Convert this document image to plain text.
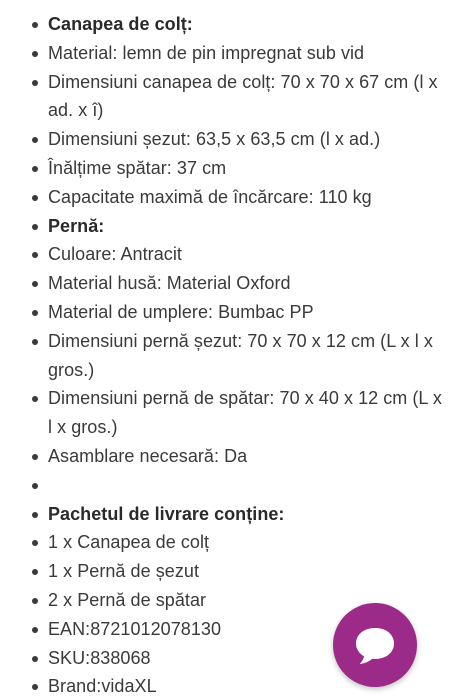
Canapea de colț:
Material: lemn de pin impregnat sub vid
Dimensiuni canapea de colț: 70 x 70 x 67 cm (l x ad. x î)
Dimensiuni șezut: 63,5 x 63,5 cm (l x ad.)
Înălțime spătar: 37 cm
Capacitate maximă de încărcare: 110 kg
Pernă:
Culoare: Antracit
Material husă: Material Oxford
Material de umplere: Bumbac PP
Dimensiuni pernă șezut: 70 x 70 x 12 cm (L x l x gros.)
Dimensiuni pernă de spătar: 70 x 40 x 12 cm (L x l x gros.)
Asamblare necesară: Da
Pachetul de livrare conține:
1 x Canapea de colț
1 x Pernă de șezut
2 x Pernă de spătar
EAN:8721012078130
SKU:838068
Brand:vidaXL
